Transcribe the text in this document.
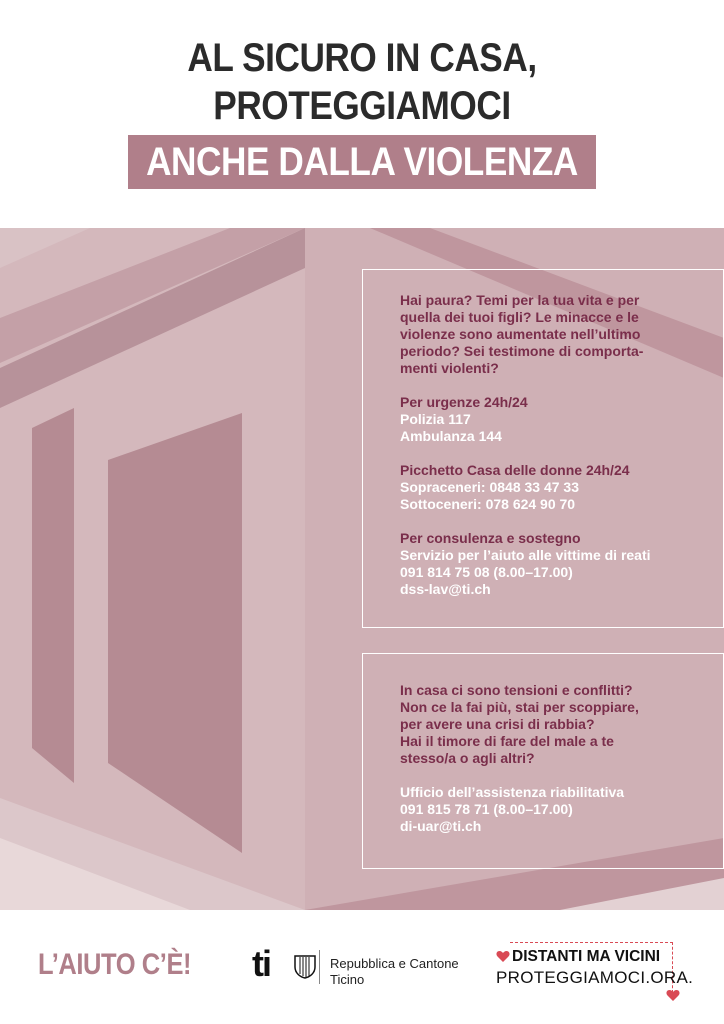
AL SICURO IN CASA,
PROTEGGIAMOCI
ANCHE DALLA VIOLENZA

Hai paura? Temi per la tua vita e per
quella dei tuoi figli? Le minacce e le
violenze sono aumentate nell’ultimo
periodo? Sei testimone di comporta-
menti violenti?

Per urgenze 24h/24
Polizia 117
Ambulanza 144

Picchetto Casa delle donne 24h/24
Sopraceneri: 0848 33 47 33
Sottoceneri: 078 624 90 70

Per consulenza e sostegno
Servizio per l’aiuto alle vittime di reati
091 814 75 08 (8.00–17.00)
dss-lav@ti.ch

In casa ci sono tensioni e conflitti?
Non ce la fai più, stai per scoppiare,
per avere una crisi di rabbia?
Hai il timore di fare del male a te
stesso/a o agli altri?

Ufficio dell’assistenza riabilitativa
091 815 78 71 (8.00–17.00)
di-uar@ti.ch

L’AIUTO C’È! ti	Repubblica e Cantone
Ticino
DISTANTI MA VICINI
PROTEGGIAMOCI.ORA.
